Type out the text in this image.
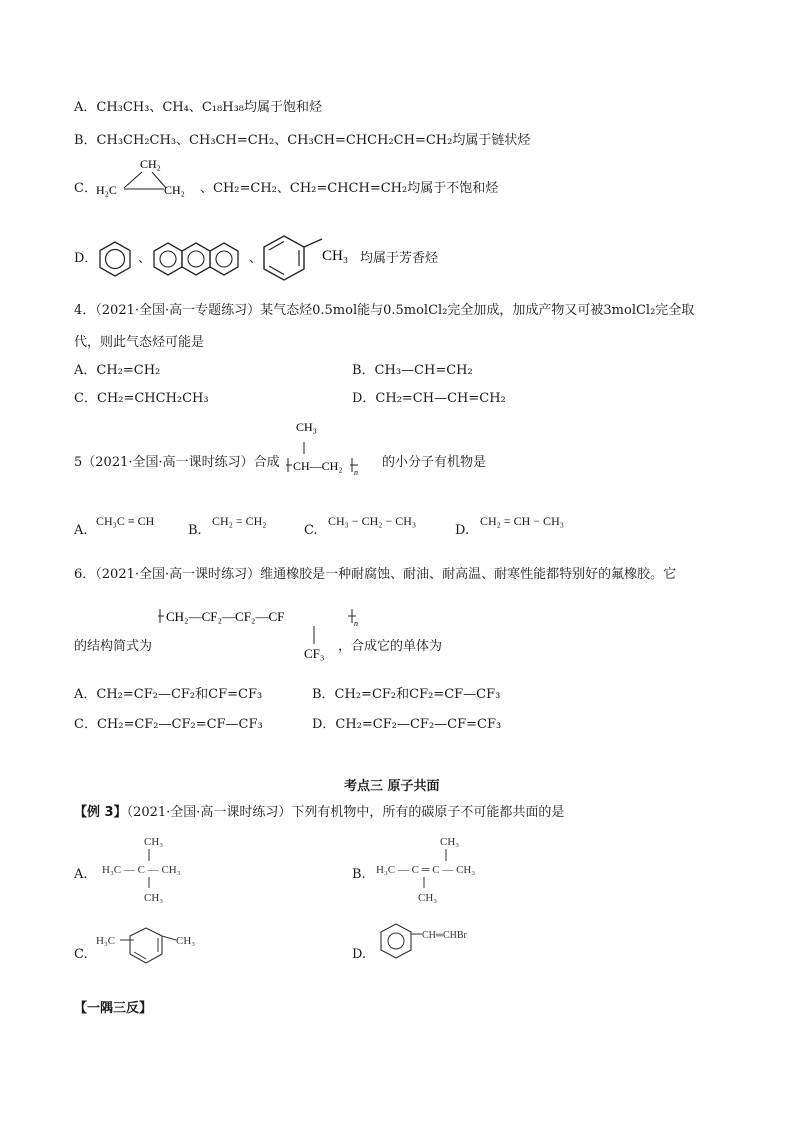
A．CH₃CH₃、CH₄、C₁₈H₃₈均属于饱和烃
B．CH₃CH₂CH₃、CH₃CH=CH₂、CH₃CH=CHCH₂CH=CH₂均属于链状烃
C．
CH₂
H₂C	CH₂ 、CH₂=CH₂、CH₂=CHCH=CH₂均属于不饱和烃
D．	、	、	CH₃ 均属于芳香烃
4．（2021·全国·高一专题练习）某气态烃0.5mol能与0.5molCl₂完全加成，加成产物又可被3molCl₂完全取
代，则此气态烃可能是
A．CH₂=CH₂	B．CH₃—CH=CH₂
C．CH₂=CHCH₂CH₃	D．CH₂=CH—CH=CH₂
5（2021·全国·高一课时练习）合成
CH₃
CH—CH₂ n
的小分子有机物是
A.
CH₃C ≡ CH
B.
CH₂ = CH₂
C.
CH₃ − CH₂ − CH₃
D.
CH₂ = CH − CH₃
6．（2021·全国·高一课时练习）维通橡胶是一种耐腐蚀、耐油、耐高温、耐寒性能都特别好的氟橡胶。它
CH₂—CF₂—CF₂—CF	n
CF₃
的结构简式为	，合成它的单体为
A．CH₂=CF₂—CF₂和CF=CF₃	B．CH₂=CF₂和CF₂=CF—CF₃
C．CH₂=CF₂—CF₂=CF—CF₃	D．CH₂=CF₂—CF₂—CF=CF₃
考点三 原子共面
【例 3】（2021·全国·高一课时练习）下列有机物中，所有的碳原子不可能都共面的是
A.
CH₃
H₃C — C — CH₃
CH₃
B.
CH₃
H₃C — C ═ C — CH₃
CH₃
C.
H₃C	CH₃
D.
CH═CHBr
【一隅三反】
